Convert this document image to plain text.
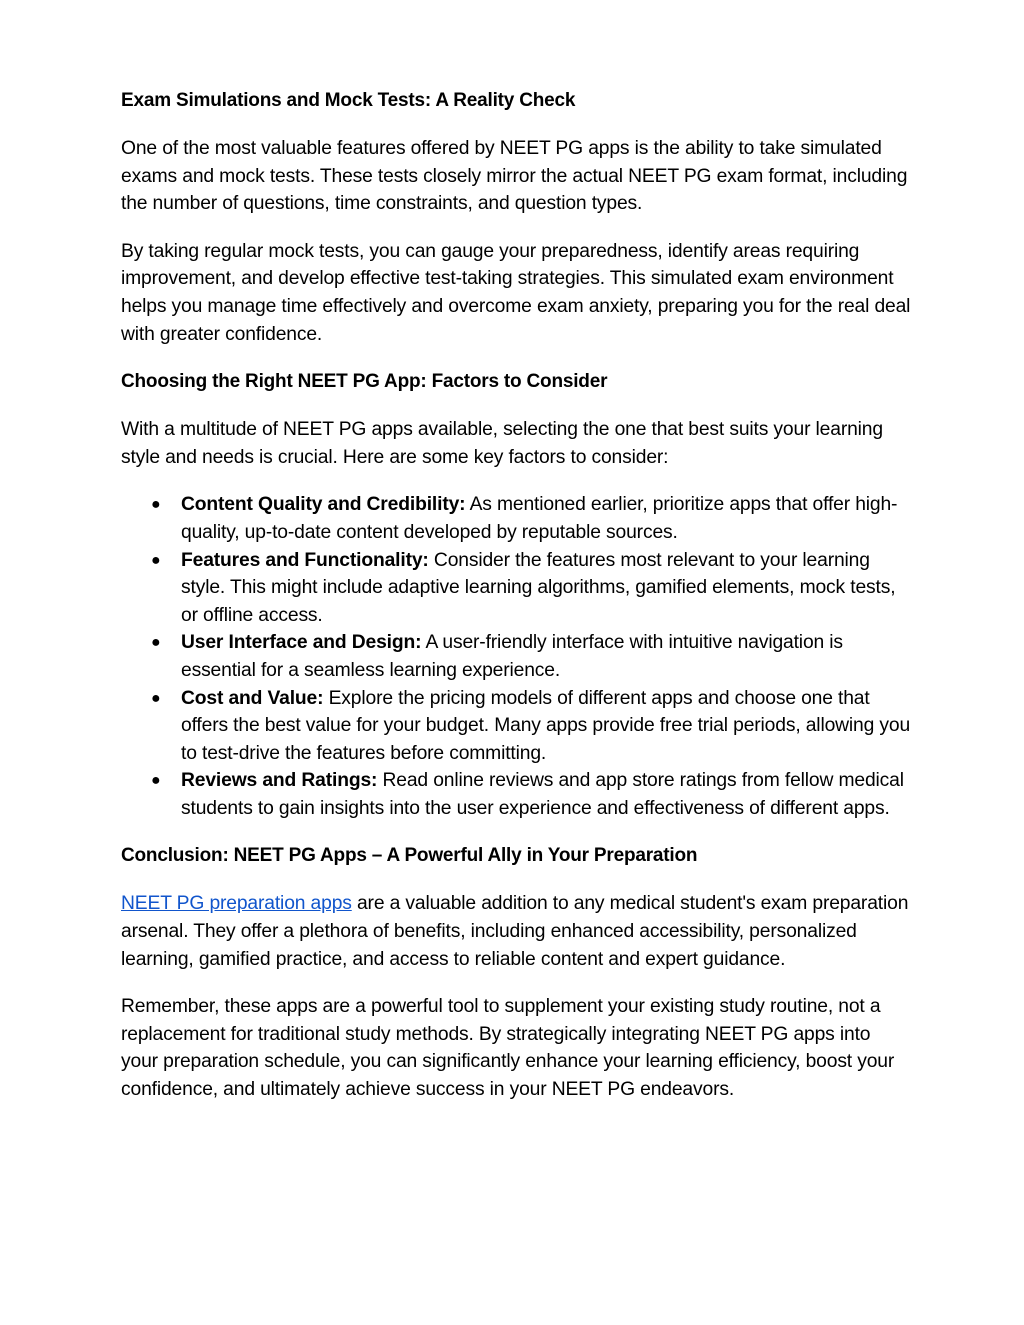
Exam Simulations and Mock Tests: A Reality Check

One of the most valuable features offered by NEET PG apps is the ability to take simulated exams and mock tests. These tests closely mirror the actual NEET PG exam format, including the number of questions, time constraints, and question types.

By taking regular mock tests, you can gauge your preparedness, identify areas requiring improvement, and develop effective test-taking strategies. This simulated exam environment helps you manage time effectively and overcome exam anxiety, preparing you for the real deal with greater confidence.

Choosing the Right NEET PG App: Factors to Consider

With a multitude of NEET PG apps available, selecting the one that best suits your learning style and needs is crucial. Here are some key factors to consider:

● Content Quality and Credibility: As mentioned earlier, prioritize apps that offer high-quality, up-to-date content developed by reputable sources.
● Features and Functionality: Consider the features most relevant to your learning style. This might include adaptive learning algorithms, gamified elements, mock tests, or offline access.
● User Interface and Design: A user-friendly interface with intuitive navigation is essential for a seamless learning experience.
● Cost and Value: Explore the pricing models of different apps and choose one that offers the best value for your budget. Many apps provide free trial periods, allowing you to test-drive the features before committing.
● Reviews and Ratings: Read online reviews and app store ratings from fellow medical students to gain insights into the user experience and effectiveness of different apps.
Conclusion: NEET PG Apps – A Powerful Ally in Your Preparation

NEET PG preparation apps are a valuable addition to any medical student's exam preparation arsenal. They offer a plethora of benefits, including enhanced accessibility, personalized learning, gamified practice, and access to reliable content and expert guidance.

Remember, these apps are a powerful tool to supplement your existing study routine, not a replacement for traditional study methods. By strategically integrating NEET PG apps into your preparation schedule, you can significantly enhance your learning efficiency, boost your confidence, and ultimately achieve success in your NEET PG endeavors.
